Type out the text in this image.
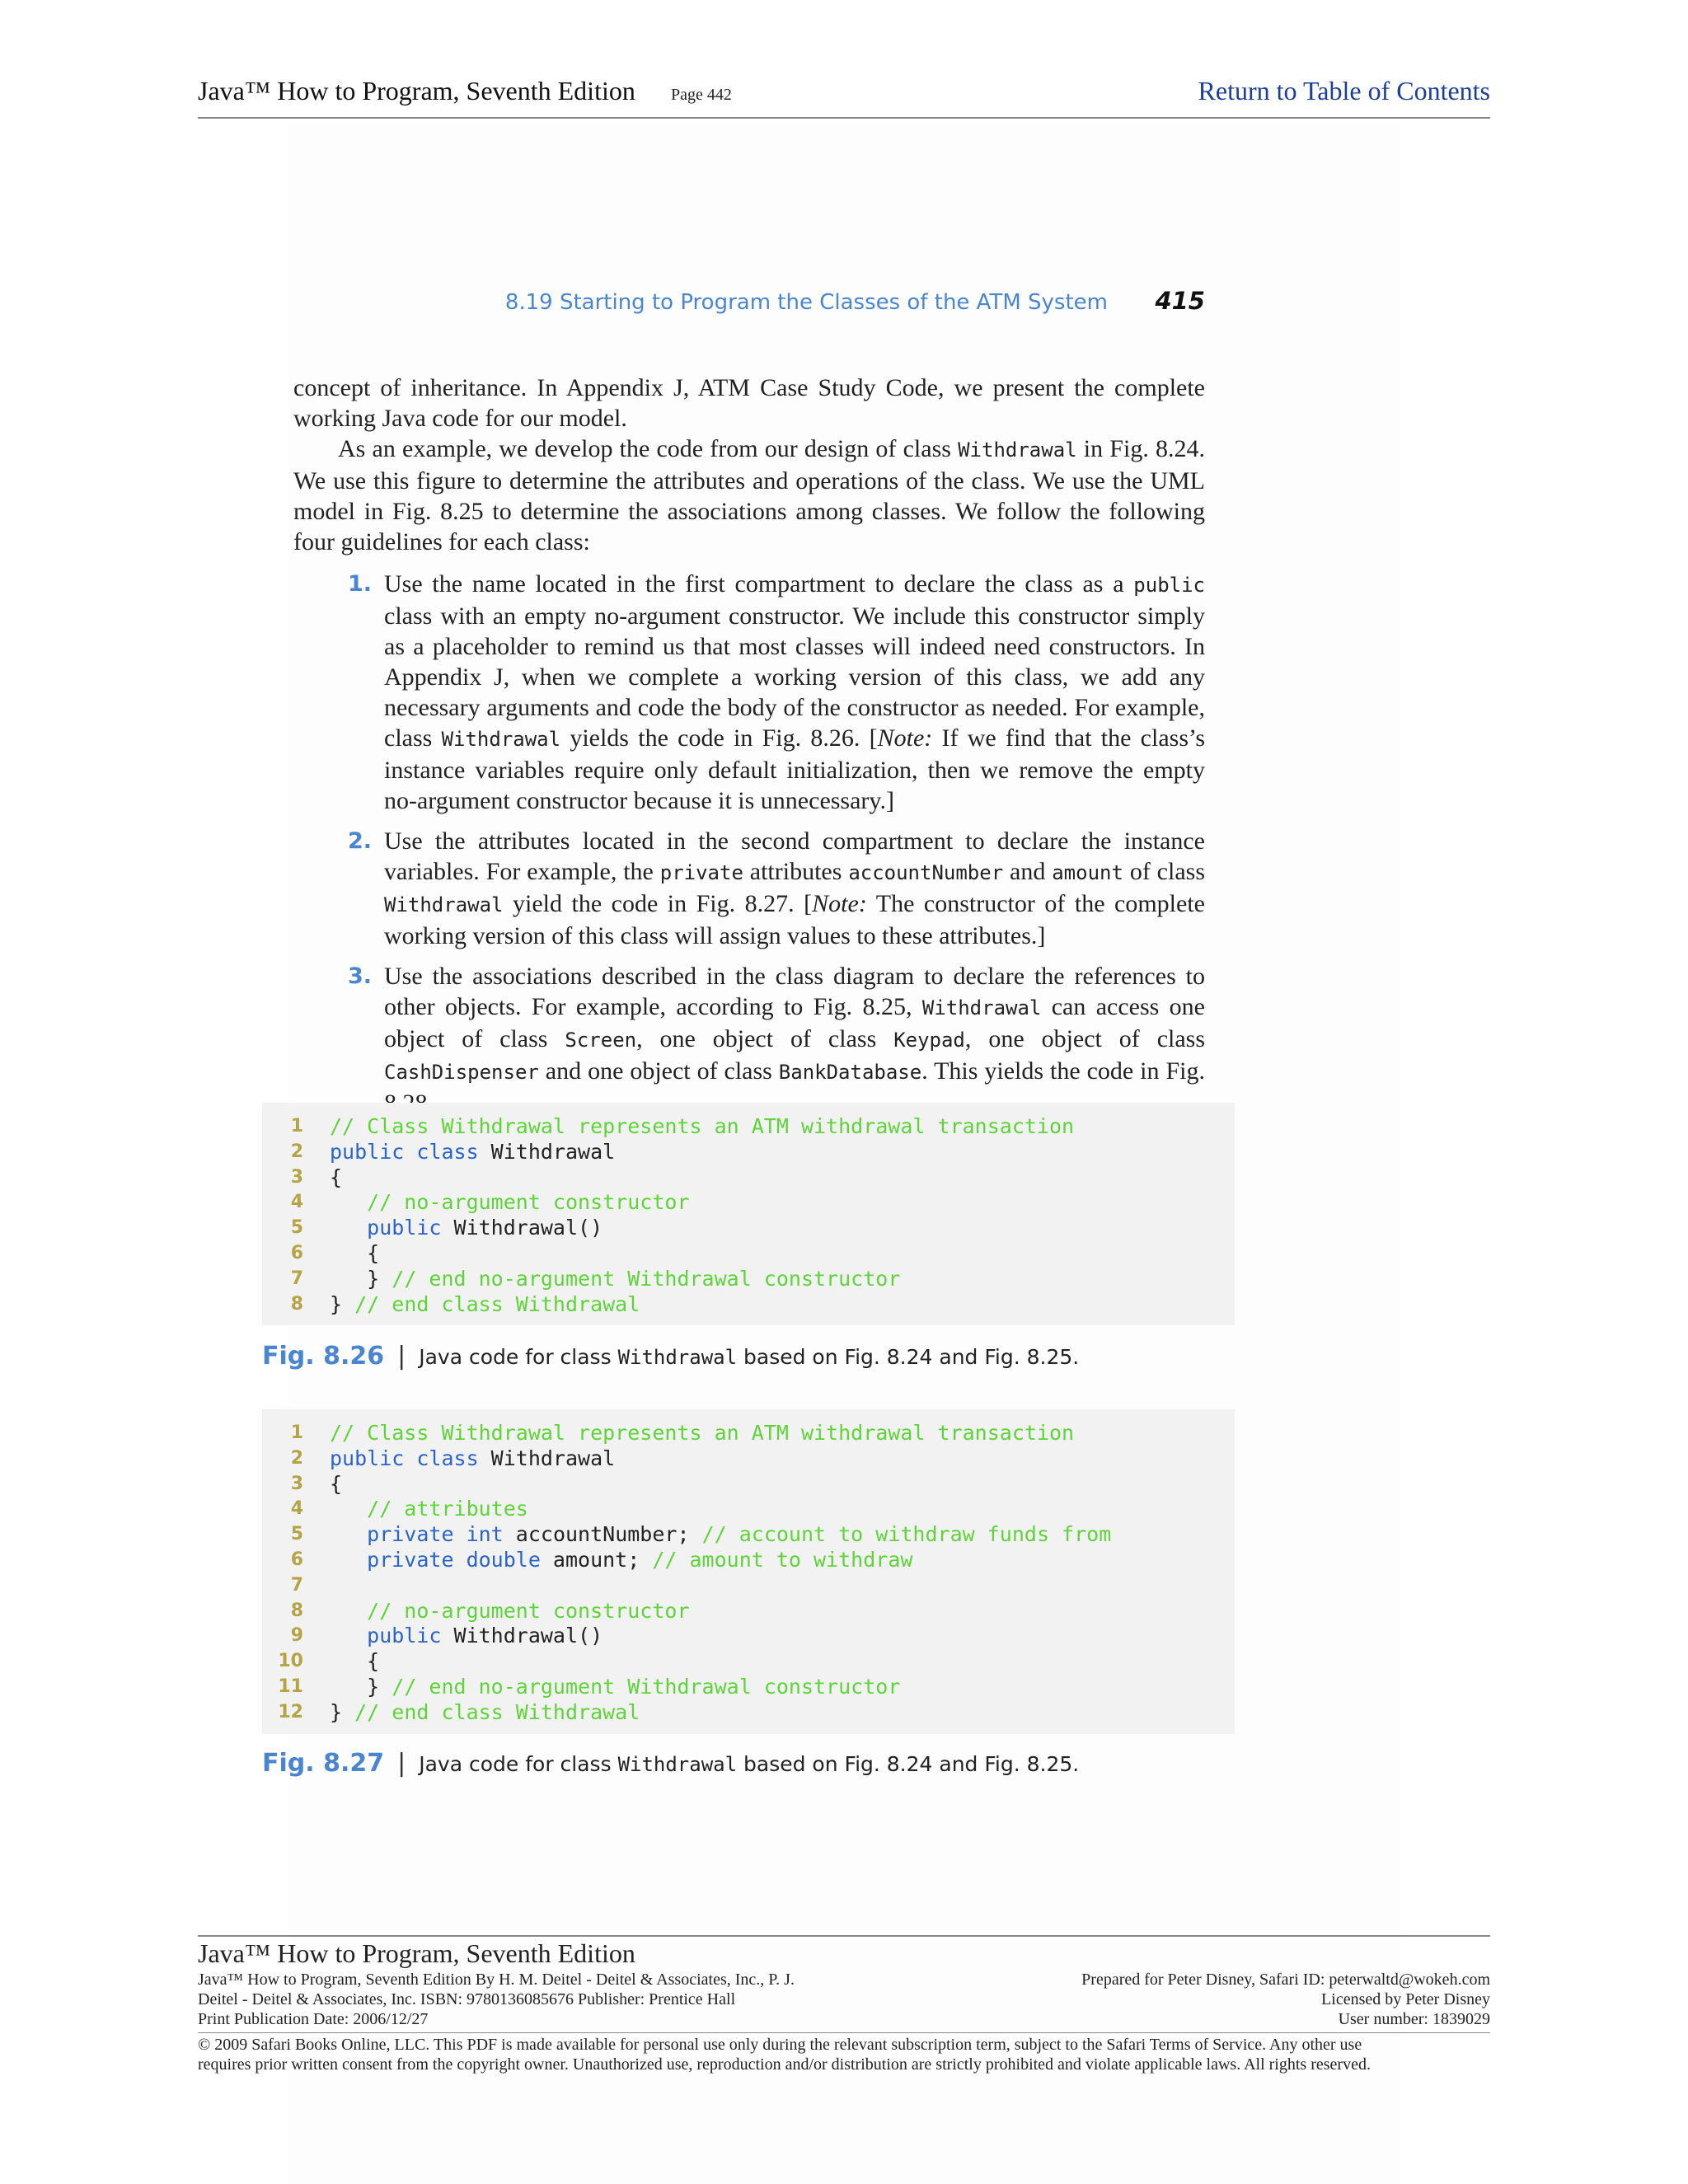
Java™ How to Program, Seventh Edition Page 442	Return to Table of Contents
8.19 Starting to Program the Classes of the ATM System 415

concept of inheritance. In Appendix J, ATM Case Study Code, we present the complete working Java code for our model.

As an example, we develop the code from our design of class Withdrawal in Fig. 8.24. We use this figure to determine the attributes and operations of the class. We use the UML model in Fig. 8.25 to determine the associations among classes. We follow the following four guidelines for each class:

1. Use the name located in the first compartment to declare the class as a public class with an empty no-argument constructor. We include this constructor simply as a placeholder to remind us that most classes will indeed need constructors. In Appendix J, when we complete a working version of this class, we add any necessary arguments and code the body of the constructor as needed. For example, class Withdrawal yields the code in Fig. 8.26. [Note: If we find that the class’s instance variables require only default initialization, then we remove the empty no-argument constructor because it is unnecessary.]
2. Use the attributes located in the second compartment to declare the instance variables. For example, the private attributes accountNumber and amount of class Withdrawal yield the code in Fig. 8.27. [Note: The constructor of the complete working version of this class will assign values to these attributes.]
3. Use the associations described in the class diagram to declare the references to other objects. For example, according to Fig. 8.25, Withdrawal can access one object of class Screen, one object of class Keypad, one object of class CashDispenser and one object of class BankDatabase. This yields the code in Fig.
1 // Class Withdrawal represents an ATM withdrawal transaction
2 public class Withdrawal
3 {
4	// no-argument constructor
5	public Withdrawal()
6 {
7 } // end no-argument Withdrawal constructor
8 } // end class Withdrawal
Fig. 8.26 | Java code for class Withdrawal based on Fig. 8.24 and Fig. 8.25.
1 // Class Withdrawal represents an ATM withdrawal transaction
2 public class Withdrawal
3 {
4	// attributes
5	private int accountNumber; // account to withdraw funds from
6	private double amount; // amount to withdraw
7
8	// no-argument constructor
9	public Withdrawal()
10 {
11 } // end no-argument Withdrawal constructor
12 } // end class Withdrawal
Fig. 8.27 | Java code for class Withdrawal based on Fig. 8.24 and Fig. 8.25.
Java™ How to Program, Seventh Edition
Java™ How to Program, Seventh Edition By H. M. Deitel - Deitel & Associates, Inc., P. J.
Deitel - Deitel & Associates, Inc. ISBN: 9780136085676 Publisher: Prentice Hall
Print Publication Date: 2006/12/27
Prepared for Peter Disney, Safari ID: peterwaltd@wokeh.com
Licensed by Peter Disney
User number: 1839029
© 2009 Safari Books Online, LLC. This PDF is made available for personal use only during the relevant subscription term, subject to the Safari Terms of Service. Any other use
requires prior written consent from the copyright owner. Unauthorized use, reproduction and/or distribution are strictly prohibited and violate applicable laws. All rights reserved.
